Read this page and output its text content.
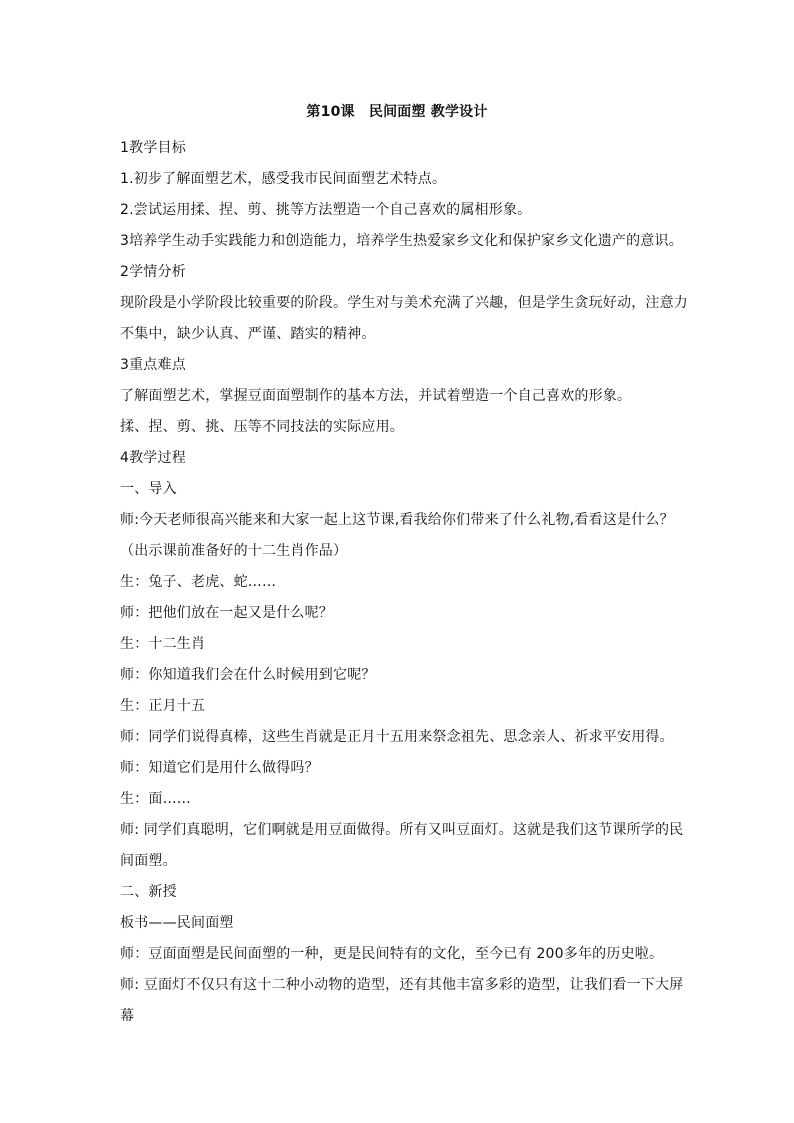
第10课　民间面塑 教学设计
1教学目标
1.初步了解面塑艺术，感受我市民间面塑艺术特点。
2.尝试运用揉、捏、剪、挑等方法塑造一个自己喜欢的属相形象。
3培养学生动手实践能力和创造能力，培养学生热爱家乡文化和保护家乡文化遗产的意识。
2学情分析
现阶段是小学阶段比较重要的阶段。学生对与美术充满了兴趣，但是学生贪玩好动，注意力
不集中，缺少认真、严谨、踏实的精神。
3重点难点
了解面塑艺术，掌握豆面面塑制作的基本方法，并试着塑造一个自己喜欢的形象。
揉、捏、剪、挑、压等不同技法的实际应用。
4教学过程
一、导入
师:今天老师很高兴能来和大家一起上这节课,看我给你们带来了什么礼物,看看这是什么？
（出示课前准备好的十二生肖作品）
生：兔子、老虎、蛇……
师：把他们放在一起又是什么呢？
生：十二生肖
师：你知道我们会在什么时候用到它呢？
生：正月十五
师：同学们说得真棒，这些生肖就是正月十五用来祭念祖先、思念亲人、祈求平安用得。
师：知道它们是用什么做得吗？
生：面……
师: 同学们真聪明，它们啊就是用豆面做得。所有又叫豆面灯。这就是我们这节课所学的民
间面塑。
二、新授
板书——民间面塑
师：豆面面塑是民间面塑的一种，更是民间特有的文化，至今已有 200多年的历史啦。
师: 豆面灯不仅只有这十二种小动物的造型，还有其他丰富多彩的造型，让我们看一下大屏
幕
